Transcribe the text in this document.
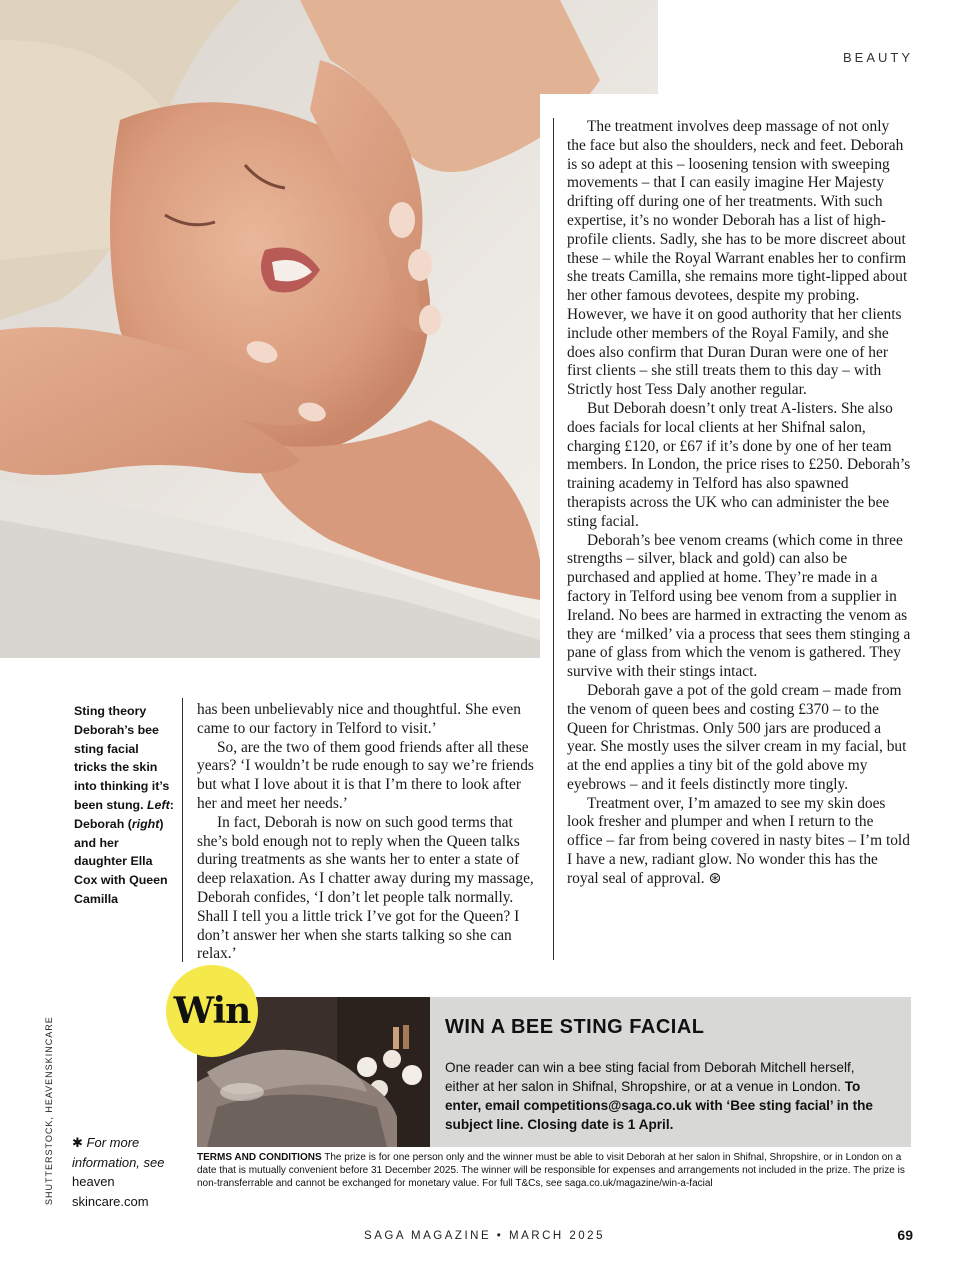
BEAUTY

The treatment involves deep massage of not only the face but also the shoulders, neck and feet. Deborah is so adept at this – loosening tension with sweeping movements – that I can easily imagine Her Majesty drifting off during one of her treatments. With such expertise, it’s no wonder Deborah has a list of high-profile clients. Sadly, she has to be more discreet about these – while the Royal Warrant enables her to confirm she treats Camilla, she remains more tight-lipped about her other famous devotees, despite my probing. However, we have it on good authority that her clients include other members of the Royal Family, and she does also confirm that Duran Duran were one of her first clients – she still treats them to this day – with Strictly host Tess Daly another regular.

But Deborah doesn’t only treat A-listers. She also does facials for local clients at her Shifnal salon, charging £120, or £67 if it’s done by one of her team members. In London, the price rises to £250. Deborah’s training academy in Telford has also spawned therapists across the UK who can administer the bee sting facial.

Deborah’s bee venom creams (which come in three strengths – silver, black and gold) can also be purchased and applied at home. They’re made in a factory in Telford using bee venom from a supplier in Ireland. No bees are harmed in extracting the venom as they are ‘milked’ via a process that sees them stinging a pane of glass from which the venom is gathered. They survive with their stings intact.

Deborah gave a pot of the gold cream – made from the venom of queen bees and costing £370 – to the Queen for Christmas. Only 500 jars are produced a year. She mostly uses the silver cream in my facial, but at the end applies a tiny bit of the gold above my eyebrows – and it feels distinctly more tingly.

Treatment over, I’m amazed to see my skin does look fresher and plumper and when I return to the office – far from being covered in nasty bites – I’m told I have a new, radiant glow. No wonder this has the royal seal of approval. ⊛

has been unbelievably nice and thoughtful. She even came to our factory in Telford to visit.’

So, are the two of them good friends after all these years? ‘I wouldn’t be rude enough to say we’re friends but what I love about it is that I’m there to look after her and meet her needs.’

In fact, Deborah is now on such good terms that she’s bold enough not to reply when the Queen talks during treatments as she wants her to enter a state of deep relaxation. As I chatter away during my massage, Deborah confides, ‘I don’t let people talk normally. Shall I tell you a little trick I’ve got for the Queen? I don’t answer her when she starts talking so she can relax.’

Sting theory Deborah’s bee sting facial tricks the skin into thinking it’s been stung. Left: Deborah (right) and her daughter Ella Cox with Queen Camilla
SHUTTERSTOCK, HEAVENSKINCARE ✱ For more information, see heaven skincare.com
Win	WIN A BEE STING FACIAL
One reader can win a bee sting facial from Deborah Mitchell herself, either at her salon in Shifnal, Shropshire, or at a venue in London. To enter, email competitions@saga.co.uk with ‘Bee sting facial’ in the subject line. Closing date is 1 April.
TERMS AND CONDITIONS The prize is for one person only and the winner must be able to visit Deborah at her salon in Shifnal, Shropshire, or in London on a date that is mutually convenient before 31 December 2025. The winner will be responsible for expenses and arrangements not included in the prize. The prize is non-transferrable and cannot be exchanged for monetary value. For full T&Cs, see saga.co.uk/magazine/win-a-facial
SAGA MAGAZINE • MARCH 2025	69
